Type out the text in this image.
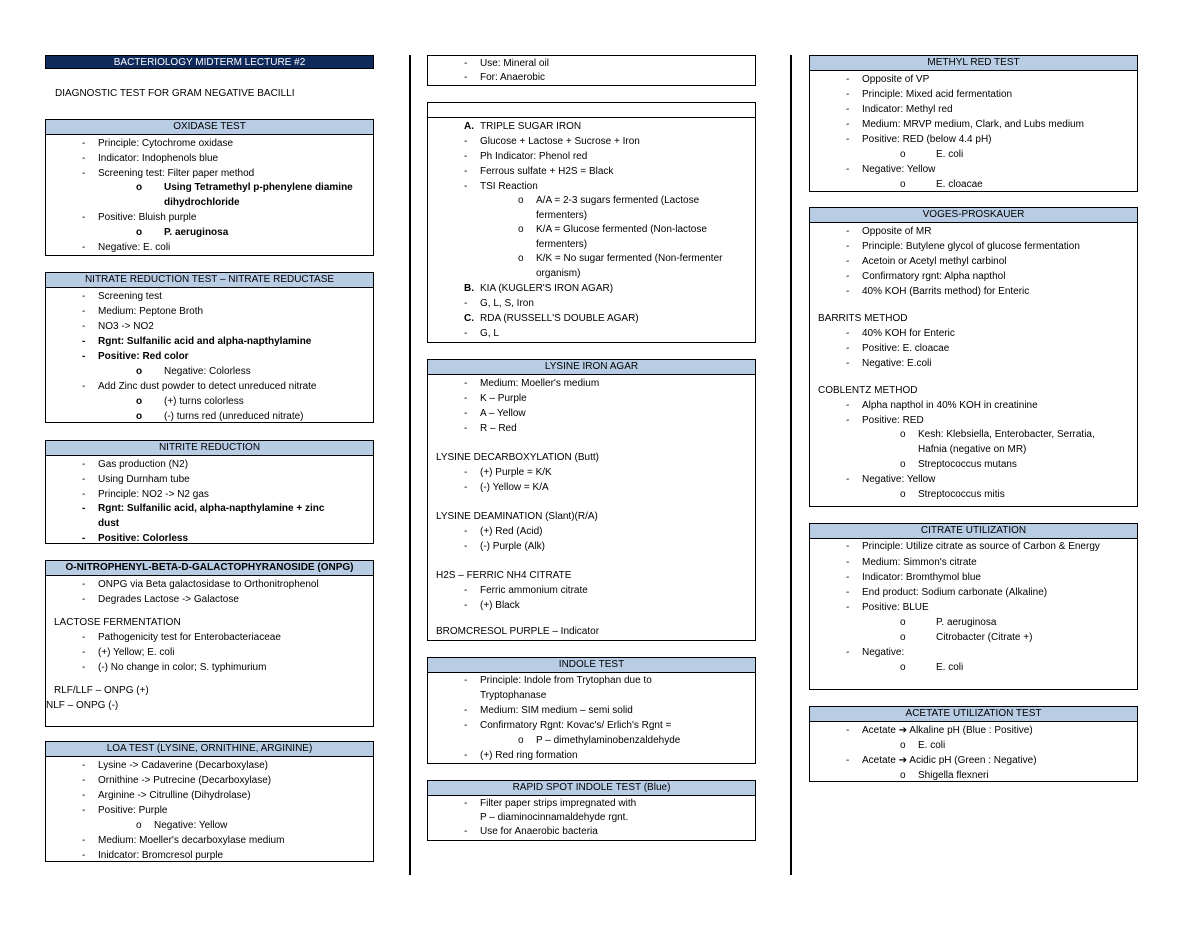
BACTERIOLOGY MIDTERM LECTURE #2
DIAGNOSTIC TEST FOR GRAM NEGATIVE BACILLI
OXIDASE TEST
- Principle: Cytochrome oxidase
- Indicator: Indophenols blue
- Screening test: Filter paper method
o Using Tetramethyl p-phenylene diamine dihydrochloride
- Positive: Bluish purple
o P. aeruginosa
- Negative: E. coli
NITRATE REDUCTION TEST – NITRATE REDUCTASE
- Screening test
- Medium: Peptone Broth
- NO3 -> NO2
- Rgnt: Sulfanilic acid and alpha-napthylamine
- Positive: Red color
o Negative: Colorless
- Add Zinc dust powder to detect unreduced nitrate
o (+) turns colorless
o (-) turns red (unreduced nitrate)
NITRITE REDUCTION
- Gas production (N2)
- Using Durnham tube
- Principle: NO2 -> N2 gas
- Rgnt: Sulfanilic acid, alpha-napthylamine + zinc dust
- Positive: Colorless
O-NITROPHENYL-BETA-D-GALACTOPHYRANOSIDE (ONPG)
- ONPG via Beta galactosidase to Orthonitrophenol
- Degrades Lactose -> Galactose
LACTOSE FERMENTATION
- Pathogenicity test for Enterobacteriaceae
- (+) Yellow; E. coli
- (-) No change in color; S. typhimurium
RLF/LLF – ONPG (+)
NLF – ONPG (-)
LOA TEST (LYSINE, ORNITHINE, ARGININE)
- Lysine -> Cadaverine (Decarboxylase)
- Ornithine -> Putrecine (Decarboxylase)
- Arginine -> Citrulline (Dihydrolase)
- Positive: Purple
o Negative: Yellow
- Medium: Moeller's decarboxylase medium
- Inidcator: Bromcresol purple
- Use: Mineral oil
- For: Anaerobic
A. TRIPLE SUGAR IRON
- Glucose + Lactose + Sucrose + Iron
- Ph Indicator: Phenol red
- Ferrous sulfate + H2S = Black
- TSI Reaction
o A/A = 2-3 sugars fermented (Lactose fermenters)
o K/A = Glucose fermented (Non-lactose fermenters)
o K/K = No sugar fermented (Non-fermenter organism)
B. KIA (KUGLER'S IRON AGAR)
- G, L, S, Iron
C. RDA (RUSSELL'S DOUBLE AGAR)
- G, L
LYSINE IRON AGAR
- Medium: Moeller's medium
- K – Purple
- A – Yellow
- R – Red
LYSINE DECARBOXYLATION (Butt)
- (+) Purple = K/K
- (-) Yellow = K/A
LYSINE DEAMINATION (Slant)(R/A)
- (+) Red (Acid)
- (-) Purple (Alk)
H2S – FERRIC NH4 CITRATE
- Ferric ammonium citrate
- (+) Black
BROMCRESOL PURPLE – Indicator
INDOLE TEST
- Principle: Indole from Trytophan due to Tryptophanase
- Medium: SIM medium – semi solid
- Confirmatory Rgnt: Kovac's/ Erlich's Rgnt =
o P – dimethylaminobenzaldehyde
- (+) Red ring formation
RAPID SPOT INDOLE TEST (Blue)
- Filter paper strips impregnated with
P – diaminocinnamaldehyde rgnt.
- Use for Anaerobic bacteria
METHYL RED TEST
- Opposite of VP
- Principle: Mixed acid fermentation
- Indicator: Methyl red
- Medium: MRVP medium, Clark, and Lubs medium
- Positive: RED (below 4.4 pH)
o E. coli
- Negative: Yellow
o E. cloacae
VOGES-PROSKAUER
- Opposite of MR
- Principle: Butylene glycol of glucose fermentation
- Acetoin or Acetyl methyl carbinol
- Confirmatory rgnt: Alpha napthol
- 40% KOH (Barrits method) for Enteric
BARRITS METHOD
- 40% KOH for Enteric
- Positive: E. cloacae
- Negative: E.coli
COBLENTZ METHOD
- Alpha napthol in 40% KOH in creatinine
- Positive: RED
o Kesh: Klebsiella, Enterobacter, Serratia, Hafnia (negative on MR)
o Streptococcus mutans
- Negative: Yellow
o Streptococcus mitis
CITRATE UTILIZATION
- Principle: Utilize citrate as source of Carbon & Energy
- Medium: Simmon's citrate
- Indicator: Bromthymol blue
- End product: Sodium carbonate (Alkaline)
- Positive: BLUE
o P. aeruginosa
o Citrobacter (Citrate +)
- Negative:
o E. coli
ACETATE UTILIZATION TEST
- Acetate ➔ Alkaline pH (Blue : Positive)
o E. coli
- Acetate ➔ Acidic pH (Green : Negative)
o Shigella flexneri
